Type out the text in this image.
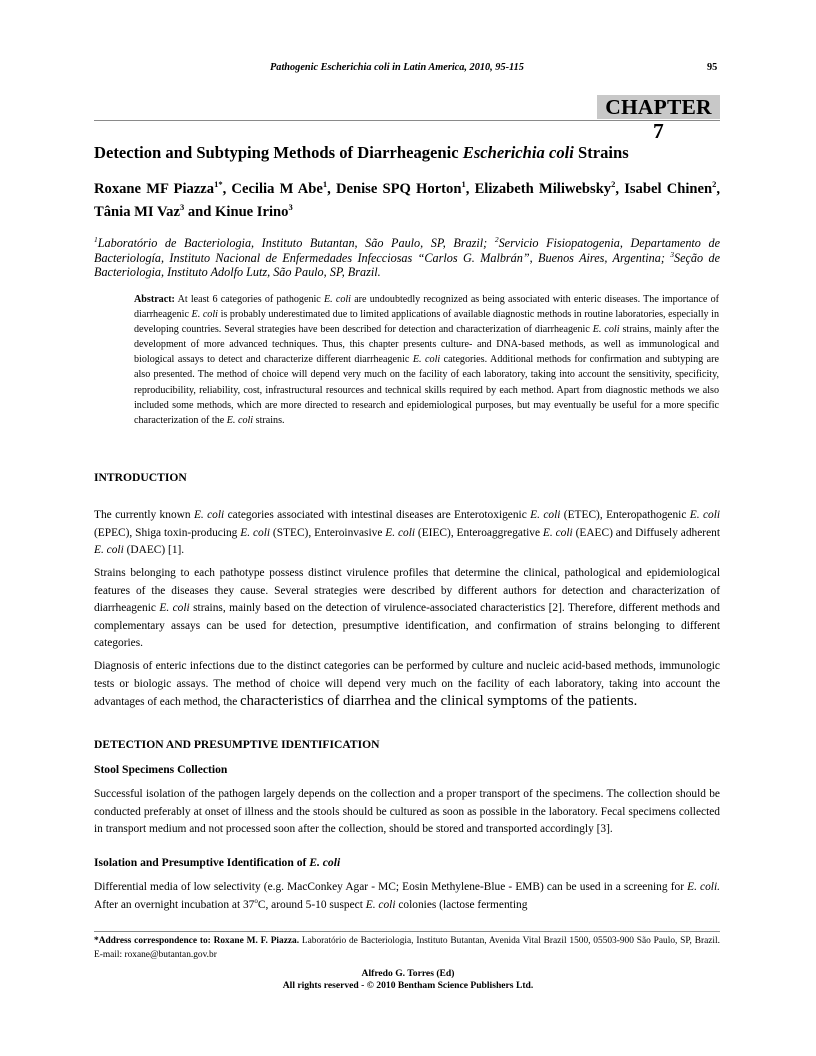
Pathogenic Escherichia coli in Latin America, 2010, 95-115	95
CHAPTER 7
Detection and Subtyping Methods of Diarrheagenic Escherichia coli Strains
Roxane MF Piazza$^{1*}$, Cecilia M Abe$^1$, Denise SPQ Horton$^1$, Elizabeth Miliwebsky$^2$, Isabel Chinen$^2$, Tânia MI Vaz$^3$ and Kinue Irino$^3$
$^1$Laboratório de Bacteriologia, Instituto Butantan, São Paulo, SP, Brazil; $^2$Servicio Fisiopatogenia, Departamento de Bacteriología, Instituto Nacional de Enfermedades Infecciosas “Carlos G. Malbrán”, Buenos Aires, Argentina; $^3$Seção de Bacteriologia, Instituto Adolfo Lutz, São Paulo, SP, Brazil.
Abstract: At least 6 categories of pathogenic E. coli are undoubtedly recognized as being associated with enteric diseases. The importance of diarrheagenic E. coli is probably underestimated due to limited applications of available diagnostic methods in routine laboratories, especially in developing countries. Several strategies have been described for detection and characterization of diarrheagenic E. coli strains, mainly after the development of more advanced techniques. Thus, this chapter presents culture- and DNA-based methods, as well as immunological and biological assays to detect and characterize different diarrheagenic E. coli categories. Additional methods for confirmation and subtyping are also presented. The method of choice will depend very much on the facility of each laboratory, taking into account the sensitivity, specificity, reproducibility, reliability, cost, infrastructural resources and technical skills required by each method. Apart from diagnostic methods we also included some methods, which are more directed to research and epidemiological purposes, but may eventually be useful for a more specific characterization of the E. coli strains.
INTRODUCTION
The currently known E. coli categories associated with intestinal diseases are Enterotoxigenic E. coli (ETEC), Enteropathogenic E. coli (EPEC), Shiga toxin-producing E. coli (STEC), Enteroinvasive E. coli (EIEC), Enteroaggregative E. coli (EAEC) and Diffusely adherent E. coli (DAEC) [1].
Strains belonging to each pathotype possess distinct virulence profiles that determine the clinical, pathological and epidemiological features of the diseases they cause. Several strategies were described by different authors for detection and characterization of diarrheagenic E. coli strains, mainly based on the detection of virulence-associated characteristics [2]. Therefore, different methods and complementary assays can be used for detection, presumptive identification, and confirmation of strains belonging to different categories.
Diagnosis of enteric infections due to the distinct categories can be performed by culture and nucleic acid-based methods, immunologic tests or biologic assays. The method of choice will depend very much on the facility of each laboratory, taking into account the advantages of each method, the characteristics of diarrhea and the clinical symptoms of the patients.
DETECTION AND PRESUMPTIVE IDENTIFICATION
Stool Specimens Collection
Successful isolation of the pathogen largely depends on the collection and a proper transport of the specimens. The collection should be conducted preferably at onset of illness and the stools should be cultured as soon as possible in the laboratory. Fecal specimens collected in transport medium and not processed soon after the collection, should be stored and transported accordingly [3].
Isolation and Presumptive Identification of E. coli
Differential media of low selectivity (e.g. MacConkey Agar - MC; Eosin Methylene-Blue - EMB) can be used in a screening for E. coli. After an overnight incubation at 37$^o$C, around 5-10 suspect E. coli colonies (lactose fermenting
*Address correspondence to: Roxane M. F. Piazza. Laboratório de Bacteriologia, Instituto Butantan, Avenida Vital Brazil 1500, 05503-900 São Paulo, SP, Brazil. E-mail: roxane@butantan.gov.br
Alfredo G. Torres (Ed)
All rights reserved - © 2010 Bentham Science Publishers Ltd.
